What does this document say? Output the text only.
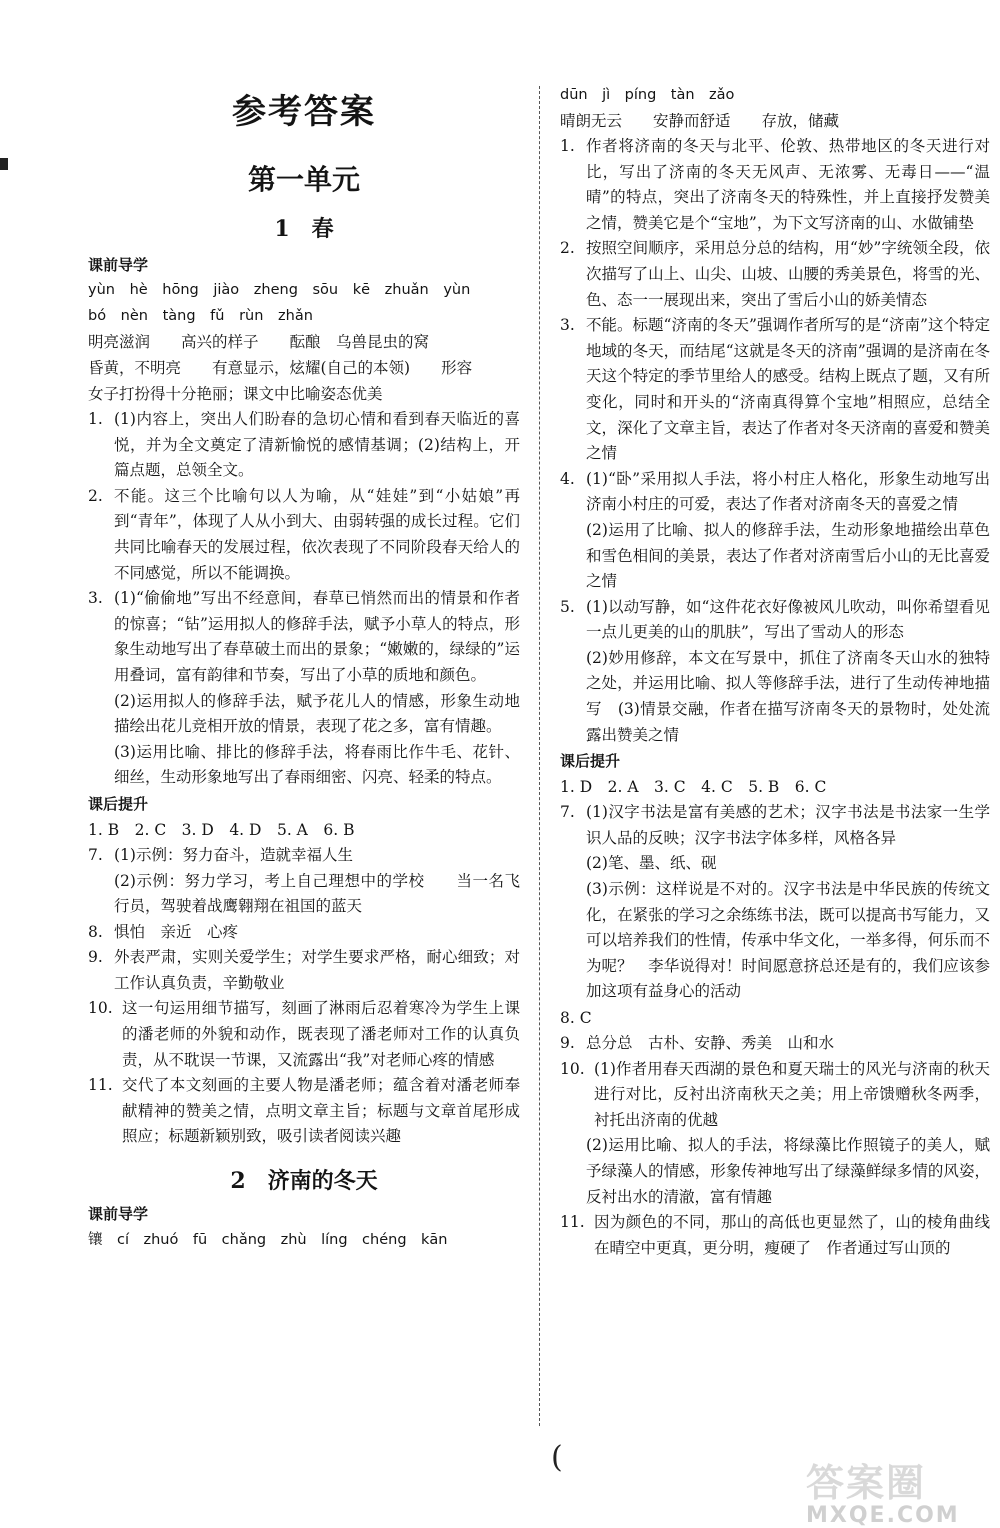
参考答案
第一单元
1　春
课前导学
yùn hè hōng jiào zheng sōu kē zhuǎn yùn
bó nèn tàng fǔ rùn zhǎn
明亮滋润　　高兴的样子　　酝酿　乌兽昆虫的窝
昏黄，不明亮　　有意显示，炫耀(自己的本领)　　形容
女子打扮得十分艳丽；课文中比喻姿态优美
1. (1)内容上，突出人们盼春的急切心情和看到春天临近的喜悦，并为全文奠定了清新愉悦的感情基调；(2)结构上，开篇点题，总领全文。
2. 不能。这三个比喻句以人为喻，从“娃娃”到“小姑娘”再到“青年”，体现了人从小到大、由弱转强的成长过程。它们共同比喻春天的发展过程，依次表现了不同阶段春天给人的不同感觉，所以不能调换。
3. (1)“偷偷地”写出不经意间，春草已悄然而出的情景和作者的惊喜；“钻”运用拟人的修辞手法，赋予小草人的特点，形象生动地写出了春草破土而出的景象；“嫩嫩的，绿绿的”运用叠词，富有韵律和节奏，写出了小草的质地和颜色。
(2)运用拟人的修辞手法，赋予花儿人的情感，形象生动地描绘出花儿竞相开放的情景，表现了花之多，富有情趣。
(3)运用比喻、排比的修辞手法，将春雨比作牛毛、花针、细丝，生动形象地写出了春雨细密、闪亮、轻柔的特点。
课后提升
1. B　2. C　3. D　4. D　5. A　6. B
7. (1)示例：努力奋斗，造就幸福人生
(2)示例：努力学习，考上自己理想中的学校　　当一名飞行员，驾驶着战鹰翱翔在祖国的蓝天
8. 惧怕　亲近　心疼
9. 外表严肃，实则关爱学生；对学生要求严格，耐心细致；对工作认真负责，辛勤敬业
10. 这一句运用细节描写，刻画了淋雨后忍着寒冷为学生上课的潘老师的外貌和动作，既表现了潘老师对工作的认真负责，从不耽误一节课，又流露出“我”对老师心疼的情感
11. 交代了本文刻画的主要人物是潘老师；蕴含着对潘老师奉献精神的赞美之情，点明文章主旨；标题与文章首尾形成照应；标题新颖别致，吸引读者阅读兴趣
2　济南的冬天
课前导学
镶　cí　zhuó　fū　chǎng　zhù　líng　chéng　kān
dūn　jì　píng　tàn　zǎo
晴朗无云　　安静而舒适　　存放，储藏
1. 作者将济南的冬天与北平、伦敦、热带地区的冬天进行对比，写出了济南的冬天无风声、无浓雾、无毒日——“温晴”的特点，突出了济南冬天的特殊性，并上直接抒发赞美之情，赞美它是个“宝地”，为下文写济南的山、水做铺垫
2. 按照空间顺序，采用总分总的结构，用“妙”字统领全段，依次描写了山上、山尖、山坡、山腰的秀美景色，将雪的光、色、态一一展现出来，突出了雪后小山的娇美情态
3. 不能。标题“济南的冬天”强调作者所写的是“济南”这个特定地域的冬天，而结尾“这就是冬天的济南”强调的是济南在冬天这个特定的季节里给人的感受。结构上既点了题，又有所变化，同时和开头的“济南真得算个宝地”相照应，总结全文，深化了文章主旨，表达了作者对冬天济南的喜爱和赞美之情
4. (1)“卧”采用拟人手法，将小村庄人格化，形象生动地写出济南小村庄的可爱，表达了作者对济南冬天的喜爱之情
(2)运用了比喻、拟人的修辞手法，生动形象地描绘出草色和雪色相间的美景，表达了作者对济南雪后小山的无比喜爱之情
5. (1)以动写静，如“这件花衣好像被风儿吹动，叫你希望看见一点儿更美的山的肌肤”，写出了雪动人的形态
(2)妙用修辞，本文在写景中，抓住了济南冬天山水的独特之处，并运用比喻、拟人等修辞手法，进行了生动传神地描写　(3)情景交融，作者在描写济南冬天的景物时，处处流露出赞美之情
课后提升
1. D　2. A　3. C　4. C　5. B　6. C
7. (1)汉字书法是富有美感的艺术；汉字书法是书法家一生学识人品的反映；汉字书法字体多样，风格各异
(2)笔、墨、纸、砚
(3)示例：这样说是不对的。汉字书法是中华民族的传统文化，在紧张的学习之余练练书法，既可以提高书写能力，又可以培养我们的性情，传承中华文化，一举多得，何乐而不为呢？　李华说得对！时间愿意挤总还是有的，我们应该参加这项有益身心的活动
8. C
9. 总分总　古朴、安静、秀美　山和水
10. (1)作者用春天西湖的景色和夏天瑞士的风光与济南的秋天进行对比，反衬出济南秋天之美；用上帝馈赠秋冬两季，衬托出济南的优越
(2)运用比喻、拟人的手法，将绿藻比作照镜子的美人，赋予绿藻人的情感，形象传神地写出了绿藻鲜绿多情的风姿，反衬出水的清澈，富有情趣
11. 因为颜色的不同，那山的高低也更显然了，山的棱角曲线在晴空中更真，更分明，瘦硬了　作者通过写山顶的
(
答案圈
MXQE.COM
